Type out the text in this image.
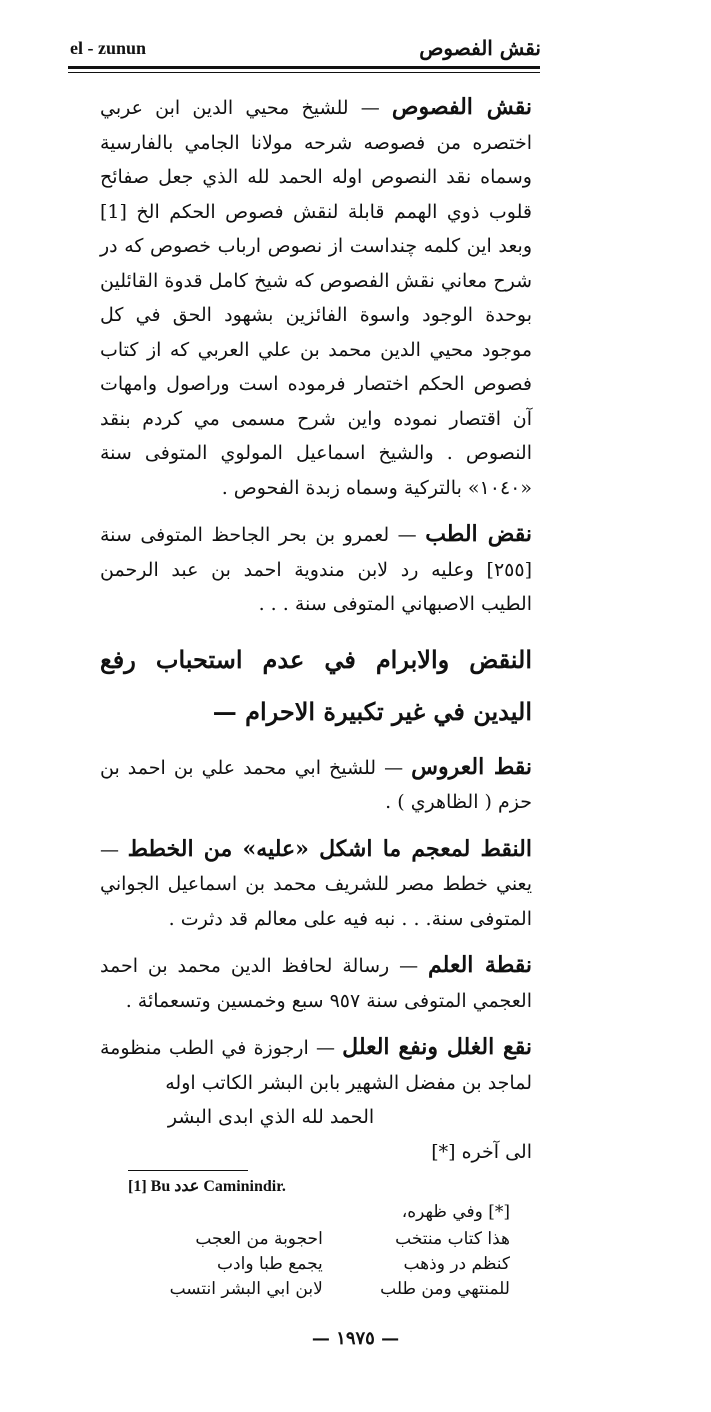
el - zunun	نقش الفصوص

نقش الفصوص — للشيخ محيي الدين ابن عربي اختصره من فصوصه شرحه مولانا الجامي بالفارسية وسماه نقد النصوص اوله الحمد لله الذي جعل صفائح قلوب ذوي الهمم قابلة لنقش فصوص الحكم الخ [1] وبعد اين كلمه چنداست از نصوص ارباب خصوص كه در شرح معاني نقش الفصوص كه شيخ كامل قدوة القائلين بوحدة الوجود واسوة الفائزين بشهود الحق في كل موجود محيي الدين محمد بن علي العربي كه از كتاب فصوص الحكم اختصار فرموده است وراصول وامهات آن اقتصار نموده واين شرح مسمى مي كردم بنقد النصوص . والشيخ اسماعيل المولوي المتوفى سنة «١٠٤٠» بالتركية وسماه زبدة الفحوص .

نقض الطب — لعمرو بن بحر الجاحظ المتوفى سنة [٢٥٥] وعليه رد لابن مندوية احمد بن عبد الرحمن الطيب الاصبهاني المتوفى سنة . . .

النقض والابرام في عدم استحباب رفع اليدين في غير تكبيرة الاحرام —

نقط العروس — للشيخ ابي محمد علي بن احمد بن حزم ( الظاهري ) .

النقط لمعجم ما اشكل «عليه» من الخطط — يعني خطط مصر للشريف محمد بن اسماعيل الجواني المتوفى سنة. . . نبه فيه على معالم قد دثرت .

نقطة العلم — رسالة لحافظ الدين محمد بن احمد العجمي المتوفى سنة ٩٥٧ سبع وخمسين وتسعمائة .

نقع الغلل ونفع العلل — ارجوزة في الطب منظومة لماجد بن مفضل الشهير بابن البشر الكاتب اوله

الحمد لله الذي ابدى البشر
الى آخره [*]
[1] Bu عدد Caminindir.
[*] وفي ظهره،
هذا كتاب منتخب
احجوبة من العجب
كنظم در وذهب
يجمع طبا وادب
للمنتهي ومن طلب
لابن ابي البشر انتسب
— ١٩٧٥ —
